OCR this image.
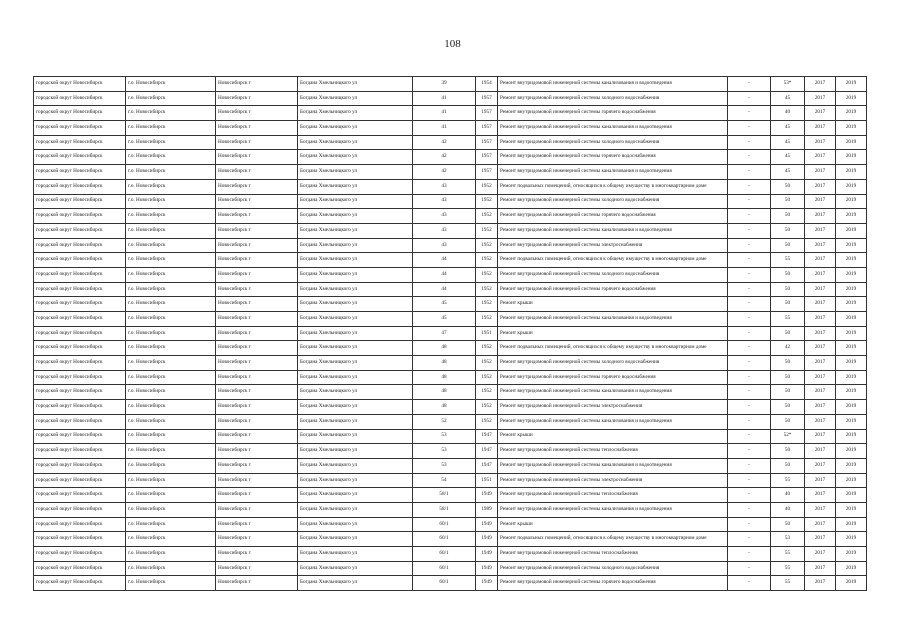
108
городской округ Новосибирск	г.о. Новосибирск	Новосибирск г	Богдана Хмельницкого ул	39	1954	Ремонт внутридомовой инженерной системы канализования и водоотведения	-	53*	2017	2019
городской округ Новосибирск	г.о. Новосибирск	Новосибирск г	Богдана Хмельницкого ул	41	1957	Ремонт внутридомовой инженерной системы холодного водоснабжения	-	45	2017	2019
городской округ Новосибирск	г.о. Новосибирск	Новосибирск г	Богдана Хмельницкого ул	41	1957	Ремонт внутридомовой инженерной системы горячего водоснабжения	-	40	2017	2019
городской округ Новосибирск	г.о. Новосибирск	Новосибирск г	Богдана Хмельницкого ул	41	1957	Ремонт внутридомовой инженерной системы канализования и водоотведения	-	45	2017	2019
городской округ Новосибирск	г.о. Новосибирск	Новосибирск г	Богдана Хмельницкого ул	42	1957	Ремонт внутридомовой инженерной системы холодного водоснабжения	-	45	2017	2019
городской округ Новосибирск	г.о. Новосибирск	Новосибирск г	Богдана Хмельницкого ул	42	1957	Ремонт внутридомовой инженерной системы горячего водоснабжения	-	45	2017	2019
городской округ Новосибирск	г.о. Новосибирск	Новосибирск г	Богдана Хмельницкого ул	42	1957	Ремонт внутридомовой инженерной системы канализования и водоотведения	-	45	2017	2019
городской округ Новосибирск	г.о. Новосибирск	Новосибирск г	Богдана Хмельницкого ул	43	1952	Ремонт подвальных помещений, относящихся к общему имуществу в многоквартирном доме	-	50	2017	2019
городской округ Новосибирск	г.о. Новосибирск	Новосибирск г	Богдана Хмельницкого ул	43	1952	Ремонт внутридомовой инженерной системы холодного водоснабжения	-	50	2017	2019
городской округ Новосибирск	г.о. Новосибирск	Новосибирск г	Богдана Хмельницкого ул	43	1952	Ремонт внутридомовой инженерной системы горячего водоснабжения	-	50	2017	2019
городской округ Новосибирск	г.о. Новосибирск	Новосибирск г	Богдана Хмельницкого ул	43	1952	Ремонт внутридомовой инженерной системы канализования и водоотведения	-	50	2017	2019
городской округ Новосибирск	г.о. Новосибирск	Новосибирск г	Богдана Хмельницкого ул	43	1952	Ремонт внутридомовой инженерной системы электроснабжения	-	50	2017	2019
городской округ Новосибирск	г.о. Новосибирск	Новосибирск г	Богдана Хмельницкого ул	44	1952	Ремонт подвальных помещений, относящихся к общему имуществу в многоквартирном доме	-	55	2017	2019
городской округ Новосибирск	г.о. Новосибирск	Новосибирск г	Богдана Хмельницкого ул	44	1952	Ремонт внутридомовой инженерной системы холодного водоснабжения	-	50	2017	2019
городской округ Новосибирск	г.о. Новосибирск	Новосибирск г	Богдана Хмельницкого ул	44	1952	Ремонт внутридомовой инженерной системы горячего водоснабжения	-	50	2017	2019
городской округ Новосибирск	г.о. Новосибирск	Новосибирск г	Богдана Хмельницкого ул	45	1952	Ремонт крыши	-	50	2017	2019
городской округ Новосибирск	г.о. Новосибирск	Новосибирск г	Богдана Хмельницкого ул	45	1952	Ремонт внутридомовой инженерной системы канализования и водоотведения	-	55	2017	2019
городской округ Новосибирск	г.о. Новосибирск	Новосибирск г	Богдана Хмельницкого ул	47	1951	Ремонт крыши	-	50	2017	2019
городской округ Новосибирск	г.о. Новосибирск	Новосибирск г	Богдана Хмельницкого ул	48	1952	Ремонт подвальных помещений, относящихся к общему имуществу в многоквартирном доме	-	42	2017	2019
городской округ Новосибирск	г.о. Новосибирск	Новосибирск г	Богдана Хмельницкого ул	48	1952	Ремонт внутридомовой инженерной системы холодного водоснабжения	-	50	2017	2019
городской округ Новосибирск	г.о. Новосибирск	Новосибирск г	Богдана Хмельницкого ул	48	1952	Ремонт внутридомовой инженерной системы горячего водоснабжения	-	50	2017	2019
городской округ Новосибирск	г.о. Новосибирск	Новосибирск г	Богдана Хмельницкого ул	48	1952	Ремонт внутридомовой инженерной системы канализования и водоотведения	-	50	2017	2019
городской округ Новосибирск	г.о. Новосибирск	Новосибирск г	Богдана Хмельницкого ул	48	1952	Ремонт внутридомовой инженерной системы электроснабжения	-	50	2017	2019
городской округ Новосибирск	г.о. Новосибирск	Новосибирск г	Богдана Хмельницкого ул	52	1952	Ремонт внутридомовой инженерной системы канализования и водоотведения	-	50	2017	2019
городской округ Новосибирск	г.о. Новосибирск	Новосибирск г	Богдана Хмельницкого ул	53	1947	Ремонт крыши	-	52*	2017	2019
городской округ Новосибирск	г.о. Новосибирск	Новосибирск г	Богдана Хмельницкого ул	53	1947	Ремонт внутридомовой инженерной системы теплоснабжения	-	50	2017	2019
городской округ Новосибирск	г.о. Новосибирск	Новосибирск г	Богдана Хмельницкого ул	53	1947	Ремонт внутридомовой инженерной системы канализования и водоотведения	-	50	2017	2019
городской округ Новосибирск	г.о. Новосибирск	Новосибирск г	Богдана Хмельницкого ул	54	1951	Ремонт внутридомовой инженерной системы электроснабжения	-	55	2017	2019
городской округ Новосибирск	г.о. Новосибирск	Новосибирск г	Богдана Хмельницкого ул	58/1	1949	Ремонт внутридомовой инженерной системы теплоснабжения	-	40	2017	2019
городской округ Новосибирск	г.о. Новосибирск	Новосибирск г	Богдана Хмельницкого ул	58/1	1989	Ремонт внутридомовой инженерной системы канализования и водоотведения	-	40	2017	2019
городской округ Новосибирск	г.о. Новосибирск	Новосибирск г	Богдана Хмельницкого ул	60/1	1949	Ремонт крыши	-	50	2017	2019
городской округ Новосибирск	г.о. Новосибирск	Новосибирск г	Богдана Хмельницкого ул	60/1	1949	Ремонт подвальных помещений, относящихся к общему имуществу в многоквартирном доме	-	53	2017	2019
городской округ Новосибирск	г.о. Новосибирск	Новосибирск г	Богдана Хмельницкого ул	60/1	1949	Ремонт внутридомовой инженерной системы теплоснабжения	-	55	2017	2019
городской округ Новосибирск	г.о. Новосибирск	Новосибирск г	Богдана Хмельницкого ул	60/1	1949	Ремонт внутридомовой инженерной системы холодного водоснабжения	-	55	2017	2019
городской округ Новосибирск	г.о. Новосибирск	Новосибирск г	Богдана Хмельницкого ул	60/1	1949	Ремонт внутридомовой инженерной системы горячего водоснабжения	-	55	2017	2019
